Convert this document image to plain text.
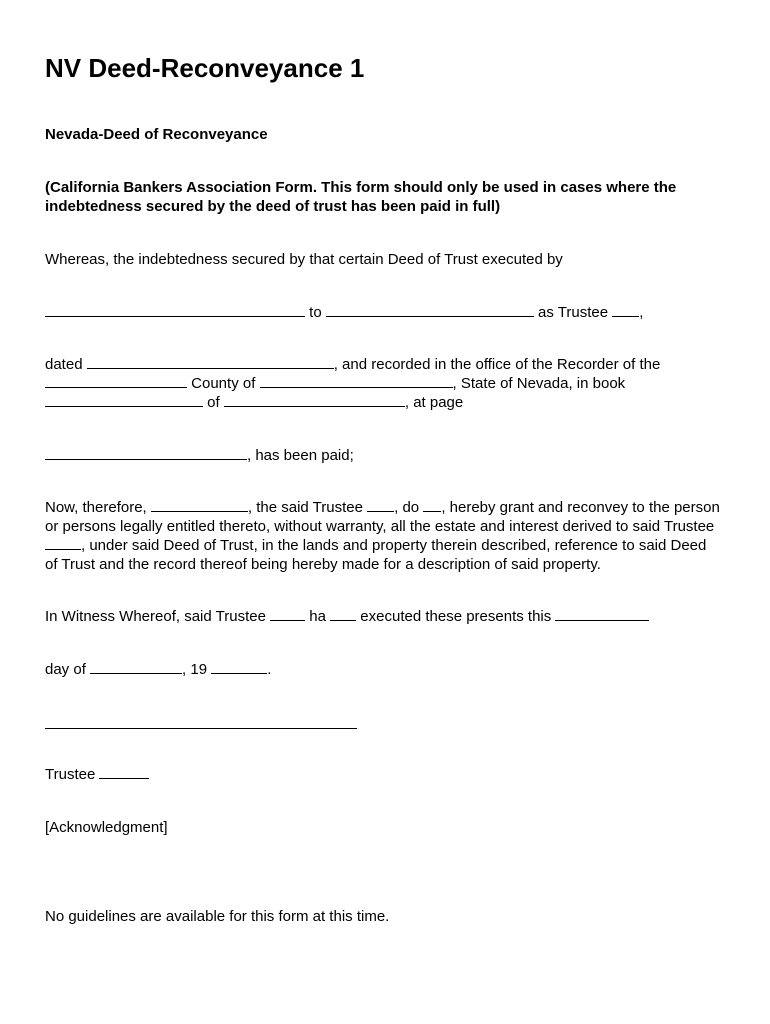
NV Deed-Reconveyance 1

Nevada-Deed of Reconveyance

(California Bankers Association Form. This form should only be used in cases where the indebtedness secured by the deed of trust has been paid in full)

Whereas, the indebtedness secured by that certain Deed of Trust executed by

to	as Trustee ,

dated	, and recorded in the office of the Recorder of the

County of	, State of Nevada, in book

of	, at page

, has been paid;

Now, therefore,	, the said Trustee , do , hereby grant and reconvey to the person

or persons legally entitled thereto, without warranty, all the estate and interest derived to said Trustee

, under said Deed of Trust, in the lands and property therein described, reference to said Deed

of Trust and the record thereof being hereby made for a description of said property.

In Witness Whereof, said Trustee  ha  executed these presents this

day of	, 19	.

Trustee

[Acknowledgment]

No guidelines are available for this form at this time.
